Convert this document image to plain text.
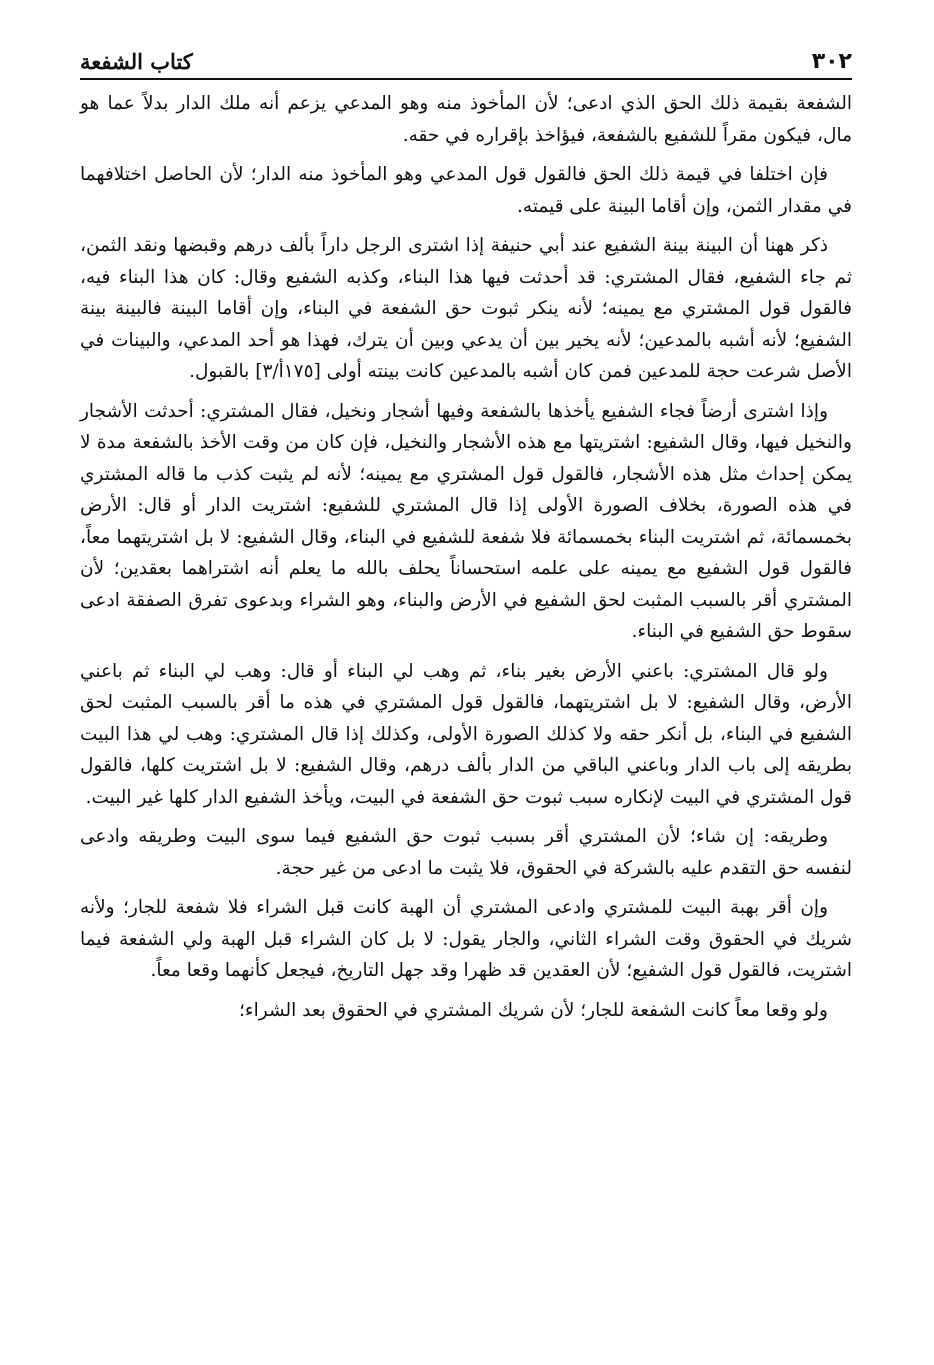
٣٠٢
كتاب الشفعة

الشفعة بقيمة ذلك الحق الذي ادعى؛ لأن المأخوذ منه وهو المدعي يزعم أنه ملك الدار بدلاً عما هو مال، فيكون مقراً للشفيع بالشفعة، فيؤاخذ بإقراره في حقه.

فإن اختلفا في قيمة ذلك الحق فالقول قول المدعي وهو المأخوذ منه الدار؛ لأن الحاصل اختلافهما في مقدار الثمن، وإن أقاما البينة على قيمته.

ذكر ههنا أن البينة بينة الشفيع عند أبي حنيفة إذا اشترى الرجل داراً بألف درهم وقبضها ونقد الثمن، ثم جاء الشفيع، فقال المشتري: قد أحدثت فيها هذا البناء، وكذبه الشفيع وقال: كان هذا البناء فيه، فالقول قول المشتري مع يمينه؛ لأنه ينكر ثبوت حق الشفعة في البناء، وإن أقاما البينة فالبينة بينة الشفيع؛ لأنه أشبه بالمدعين؛ لأنه يخير بين أن يدعي وبين أن يترك، فهذا هو أحد المدعي، والبينات في الأصل شرعت حجة للمدعين فمن كان أشبه بالمدعين كانت بينته أولى [١٧٥أ/٣] بالقبول.

وإذا اشترى أرضاً فجاء الشفيع يأخذها بالشفعة وفيها أشجار ونخيل، فقال المشتري: أحدثت الأشجار والنخيل فيها، وقال الشفيع: اشتريتها مع هذه الأشجار والنخيل، فإن كان من وقت الأخذ بالشفعة مدة لا يمكن إحداث مثل هذه الأشجار، فالقول قول المشتري مع يمينه؛ لأنه لم يثبت كذب ما قاله المشتري في هذه الصورة، بخلاف الصورة الأولى إذا قال المشتري للشفيع: اشتريت الدار أو قال: الأرض بخمسمائة، ثم اشتريت البناء بخمسمائة فلا شفعة للشفيع في البناء، وقال الشفيع: لا بل اشتريتهما معاً، فالقول قول الشفيع مع يمينه على علمه استحساناً يحلف بالله ما يعلم أنه اشتراهما بعقدين؛ لأن المشتري أقر بالسبب المثبت لحق الشفيع في الأرض والبناء، وهو الشراء وبدعوى تفرق الصفقة ادعى سقوط حق الشفيع في البناء.

ولو قال المشتري: باعني الأرض بغير بناء، ثم وهب لي البناء أو قال: وهب لي البناء ثم باعني الأرض، وقال الشفيع: لا بل اشتريتهما، فالقول قول المشتري في هذه ما أقر بالسبب المثبت لحق الشفيع في البناء، بل أنكر حقه ولا كذلك الصورة الأولى، وكذلك إذا قال المشتري: وهب لي هذا البيت بطريقه إلى باب الدار وباعني الباقي من الدار بألف درهم، وقال الشفيع: لا بل اشتريت كلها، فالقول قول المشتري في البيت لإنكاره سبب ثبوت حق الشفعة في البيت، ويأخذ الشفيع الدار كلها غير البيت.

وطريقه: إن شاء؛ لأن المشتري أقر بسبب ثبوت حق الشفيع فيما سوى البيت وطريقه وادعى لنفسه حق التقدم عليه بالشركة في الحقوق، فلا يثبت ما ادعى من غير حجة.

وإن أقر بهبة البيت للمشتري وادعى المشتري أن الهبة كانت قبل الشراء فلا شفعة للجار؛ ولأنه شريك في الحقوق وقت الشراء الثاني، والجار يقول: لا بل كان الشراء قبل الهبة ولي الشفعة فيما اشتريت، فالقول قول الشفيع؛ لأن العقدين قد ظهرا وقد جهل التاريخ، فيجعل كأنهما وقعا معاً.

ولو وقعا معاً كانت الشفعة للجار؛ لأن شريك المشتري في الحقوق بعد الشراء؛
